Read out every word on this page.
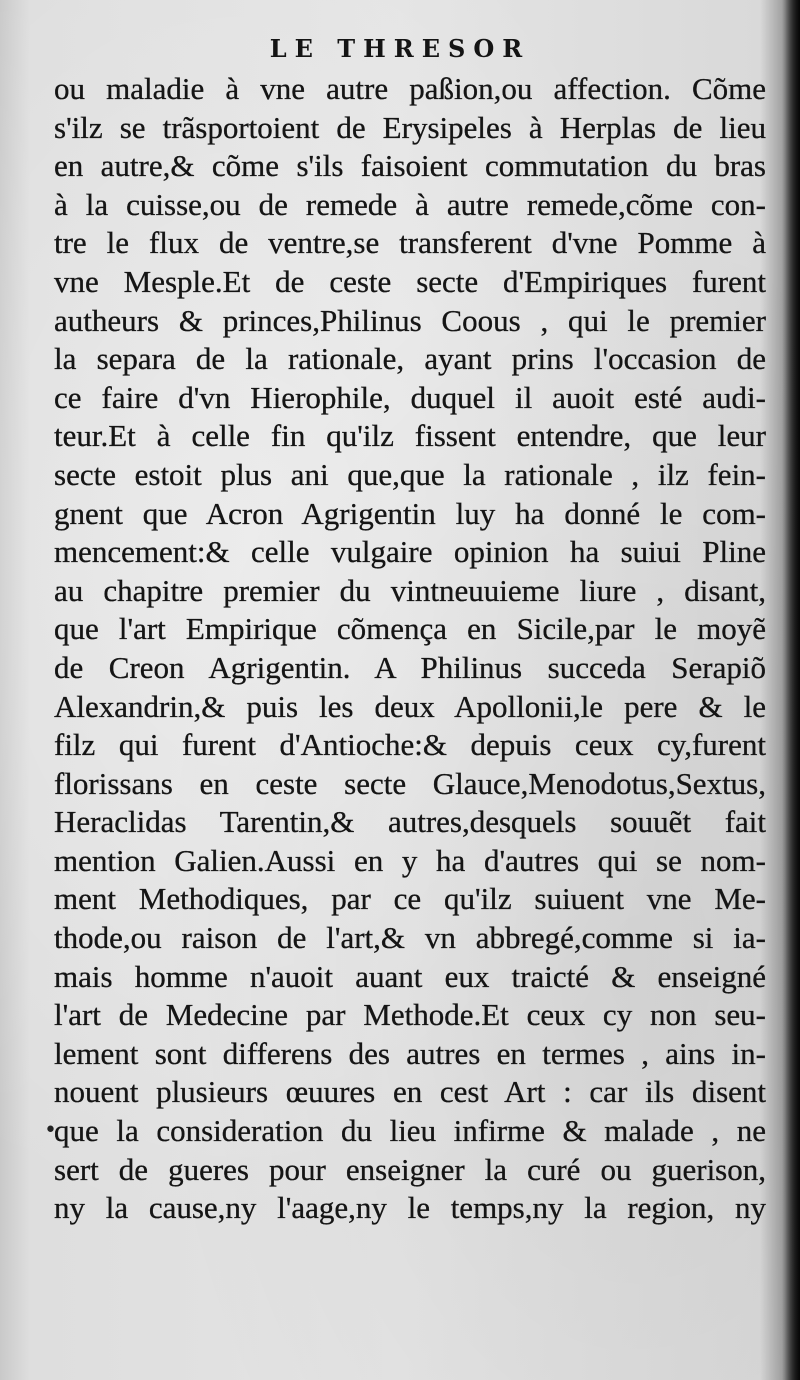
LE THRESOR
•
ou maladie à vne autre paßion,ou affection. Cõme
s'ilz se trãsportoient de Erysipeles à Herplas de lieu
en autre,& cõme s'ils faisoient commutation du bras
à la cuisse,ou de remede à autre remede,cõme con-
tre le flux de ventre,se transferent d'vne Pomme à
vne Mesple.Et de ceste secte d'Empiriques furent
autheurs & princes,Philinus Coous , qui le premier
la separa de la rationale, ayant prins l'occasion de
ce faire d'vn Hierophile, duquel il auoit esté audi-
teur.Et à celle fin qu'ilz fissent entendre, que leur
secte estoit plus ani que,que la rationale , ilz fein-
gnent que Acron Agrigentin luy ha donné le com-
mencement:& celle vulgaire opinion ha suiui Pline
au chapitre premier du vintneuuieme liure , disant,
que l'art Empirique cõmença en Sicile,par le moyẽ
de Creon Agrigentin. A Philinus succeda Serapiõ
Alexandrin,& puis les deux Apollonii,le pere & le
filz qui furent d'Antioche:& depuis ceux cy,furent
florissans en ceste secte Glauce,Menodotus,Sextus,
Heraclidas Tarentin,& autres,desquels souuẽt fait
mention Galien.Aussi en y ha d'autres qui se nom-
ment Methodiques, par ce qu'ilz suiuent vne Me-
thode,ou raison de l'art,& vn abbregé,comme si ia-
mais homme n'auoit auant eux traicté & enseigné
l'art de Medecine par Methode.Et ceux cy non seu-
lement sont differens des autres en termes , ains in-
nouent plusieurs œuures en cest Art : car ils disent
que la consideration du lieu infirme & malade , ne
sert de gueres pour enseigner la curé ou guerison,
ny la cause,ny l'aage,ny le temps,ny la region, ny
